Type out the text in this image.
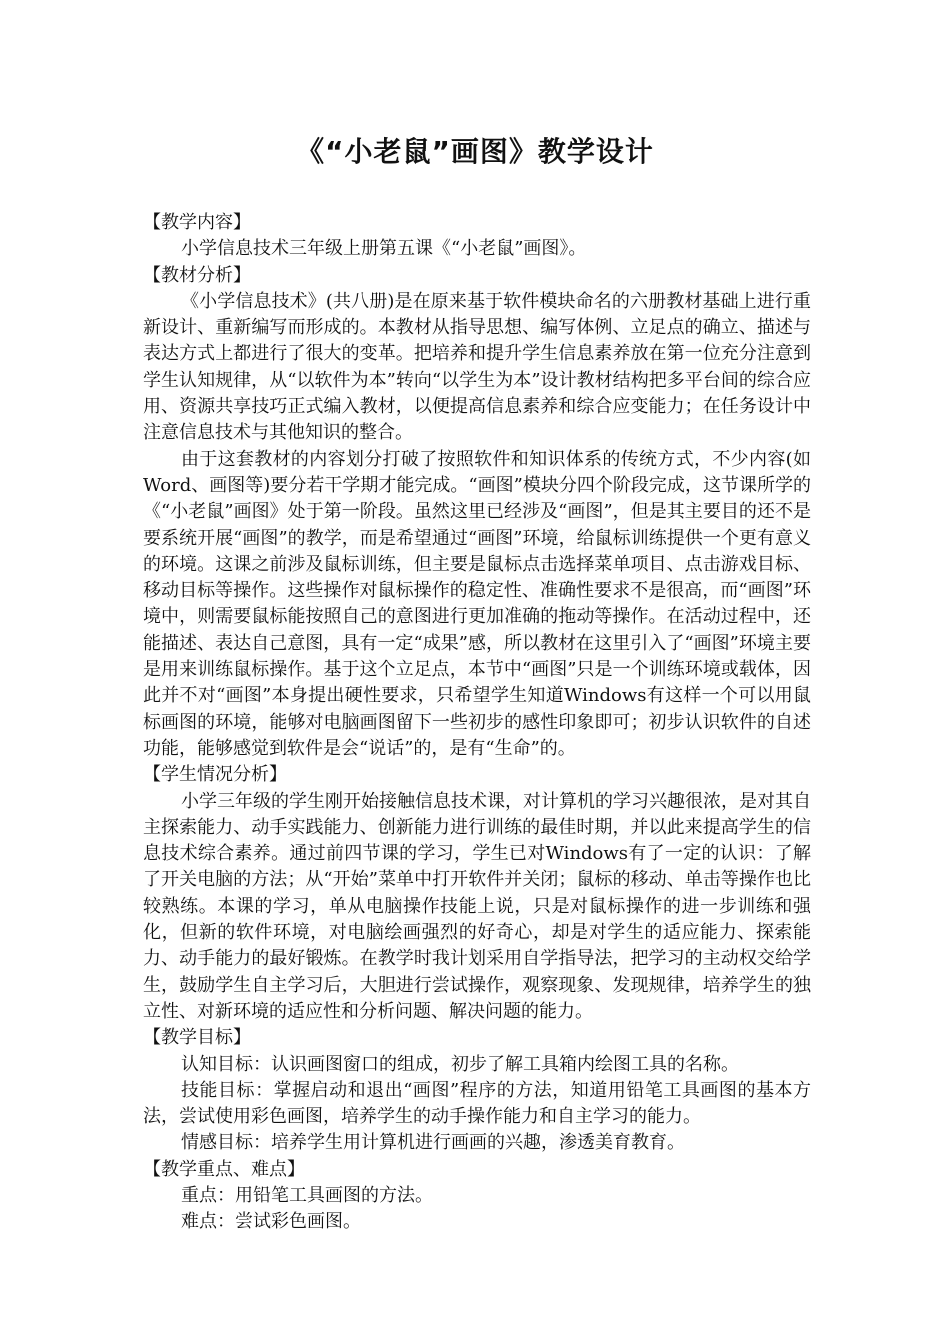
《“小老鼠”画图》教学设计
【教学内容】

小学信息技术三年级上册第五课《“小老鼠”画图》。

【教材分析】

《小学信息技术》(共八册)是在原来基于软件模块命名的六册教材基础上进行重新设计、重新编写而形成的。本教材从指导思想、编写体例、立足点的确立、描述与表达方式上都进行了很大的变革。把培养和提升学生信息素养放在第一位充分注意到学生认知规律，从“以软件为本”转向“以学生为本”设计教材结构把多平台间的综合应用、资源共享技巧正式编入教材，以便提高信息素养和综合应变能力；在任务设计中注意信息技术与其他知识的整合。

由于这套教材的内容划分打破了按照软件和知识体系的传统方式，不少内容(如Word、画图等)要分若干学期才能完成。“画图”模块分四个阶段完成，这节课所学的《“小老鼠”画图》处于第一阶段。虽然这里已经涉及“画图”，但是其主要目的还不是要系统开展“画图”的教学，而是希望通过“画图”环境，给鼠标训练提供一个更有意义的环境。这课之前涉及鼠标训练，但主要是鼠标点击选择菜单项目、点击游戏目标、移动目标等操作。这些操作对鼠标操作的稳定性、准确性要求不是很高，而“画图”环境中，则需要鼠标能按照自己的意图进行更加准确的拖动等操作。在活动过程中，还能描述、表达自己意图，具有一定“成果”感，所以教材在这里引入了“画图”环境主要是用来训练鼠标操作。基于这个立足点，本节中“画图”只是一个训练环境或载体，因此并不对“画图”本身提出硬性要求，只希望学生知道Windows有这样一个可以用鼠标画图的环境，能够对电脑画图留下一些初步的感性印象即可；初步认识软件的自述功能，能够感觉到软件是会“说话”的，是有“生命”的。

【学生情况分析】

小学三年级的学生刚开始接触信息技术课，对计算机的学习兴趣很浓，是对其自主探索能力、动手实践能力、创新能力进行训练的最佳时期，并以此来提高学生的信息技术综合素养。通过前四节课的学习，学生已对Windows有了一定的认识：了解了开关电脑的方法；从“开始”菜单中打开软件并关闭；鼠标的移动、单击等操作也比较熟练。本课的学习，单从电脑操作技能上说，只是对鼠标操作的进一步训练和强化，但新的软件环境，对电脑绘画强烈的好奇心，却是对学生的适应能力、探索能力、动手能力的最好锻炼。在教学时我计划采用自学指导法，把学习的主动权交给学生，鼓励学生自主学习后，大胆进行尝试操作，观察现象、发现规律，培养学生的独立性、对新环境的适应性和分析问题、解决问题的能力。

【教学目标】

认知目标：认识画图窗口的组成，初步了解工具箱内绘图工具的名称。

技能目标：掌握启动和退出“画图”程序的方法，知道用铅笔工具画图的基本方法，尝试使用彩色画图，培养学生的动手操作能力和自主学习的能力。

情感目标：培养学生用计算机进行画画的兴趣，渗透美育教育。

【教学重点、难点】

重点：用铅笔工具画图的方法。

难点：尝试彩色画图。
